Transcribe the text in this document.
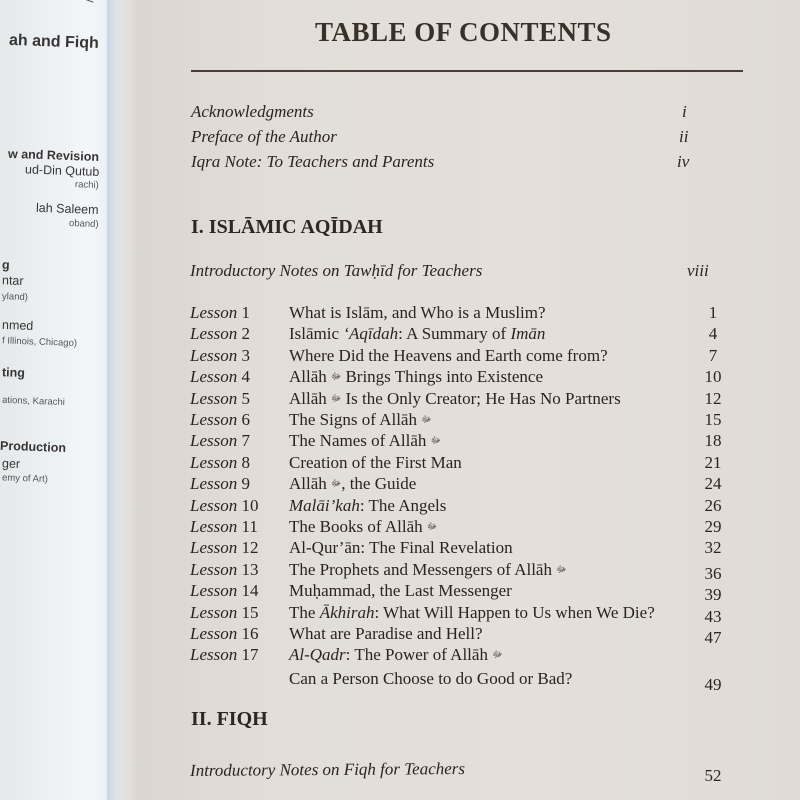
ah and Fiqh
w and Revision
ud-Din Qutub
rachi)
lah Saleem
oband)
g
ntar
yland)
nmed
f Illinois, Chicago)
ting
ations, Karachi
Production
ger
emy of Art)
TABLE OF CONTENTS
Acknowledgments	i
Preface of the Author	ii
Iqra Note: To Teachers and Parents	iv
I. ISLĀMIC AQĪDAH
Introductory Notes on Tawḥīd for Teachers	viii
Lesson 1 What is Islām, and Who is a Muslim?	1
Lesson 2 Islāmic ‘Aqīdah: A Summary of Imān	4
Lesson 3 Where Did the Heavens and Earth come from?	7
Lesson 4 Allāh ﷻ Brings Things into Existence	10
Lesson 5 Allāh ﷻ Is the Only Creator; He Has No Partners	12
Lesson 6 The Signs of Allāh ﷻ	15
Lesson 7 The Names of Allāh ﷻ	18
Lesson 8 Creation of the First Man	21
Lesson 9 Allāh ﷻ, the Guide	24
Lesson 10 Malāi’kah: The Angels	26
Lesson 11 The Books of Allāh ﷻ	29
Lesson 12 Al-Qur’ān: The Final Revelation	32
Lesson 13 The Prophets and Messengers of Allāh ﷻ	36
Lesson 14 Muḥammad, the Last Messenger	39
Lesson 15 The Ākhirah: What Will Happen to Us when We Die?	43
Lesson 16 What are Paradise and Hell?	47
Lesson 17 Al-Qadr: The Power of Allāh ﷻ
Can a Person Choose to do Good or Bad?	49
II. FIQH
Introductory Notes on Fiqh for Teachers	52
